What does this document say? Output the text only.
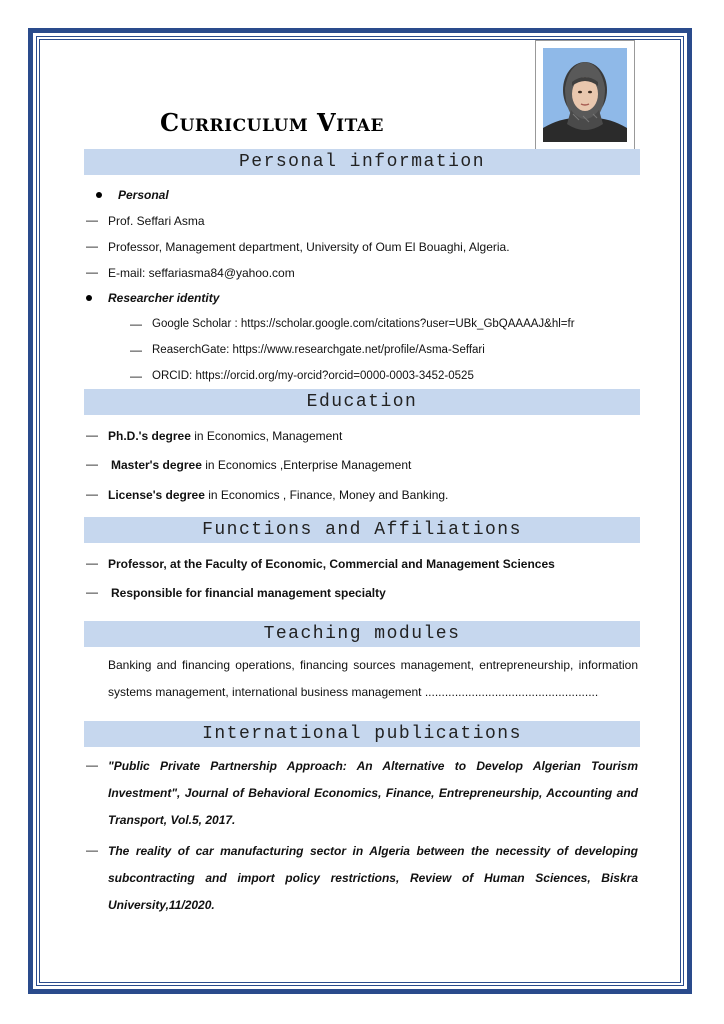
Curriculum Vitae
Personal information
Personal
— Prof. Seffari Asma
— Professor, Management department, University of Oum El Bouaghi, Algeria.
— E-mail: seffariasma84@yahoo.com
Researcher identity
— Google Scholar : https://scholar.google.com/citations?user=UBk_GbQAAAAJ&hl=fr
— ReaserchGate: https://www.researchgate.net/profile/Asma-Seffari
— ORCID: https://orcid.org/my-orcid?orcid=0000-0003-3452-0525
Education
— Ph.D.'s degree in Economics, Management
— Master's degree in Economics ,Enterprise Management
— License's degree in Economics , Finance, Money and Banking.
Functions and Affiliations
— Professor, at the Faculty of Economic, Commercial and Management Sciences
— Responsible for financial management specialty
Teaching modules
Banking and financing operations, financing sources management, entrepreneurship, information systems management, international business management ....................................................
International publications
— "Public Private Partnership Approach: An Alternative to Develop Algerian Tourism Investment", Journal of Behavioral Economics, Finance, Entrepreneurship, Accounting and Transport, Vol.5, 2017.
— The reality of car manufacturing sector in Algeria between the necessity of developing subcontracting and import policy restrictions, Review of Human Sciences, Biskra University,11/2020.
